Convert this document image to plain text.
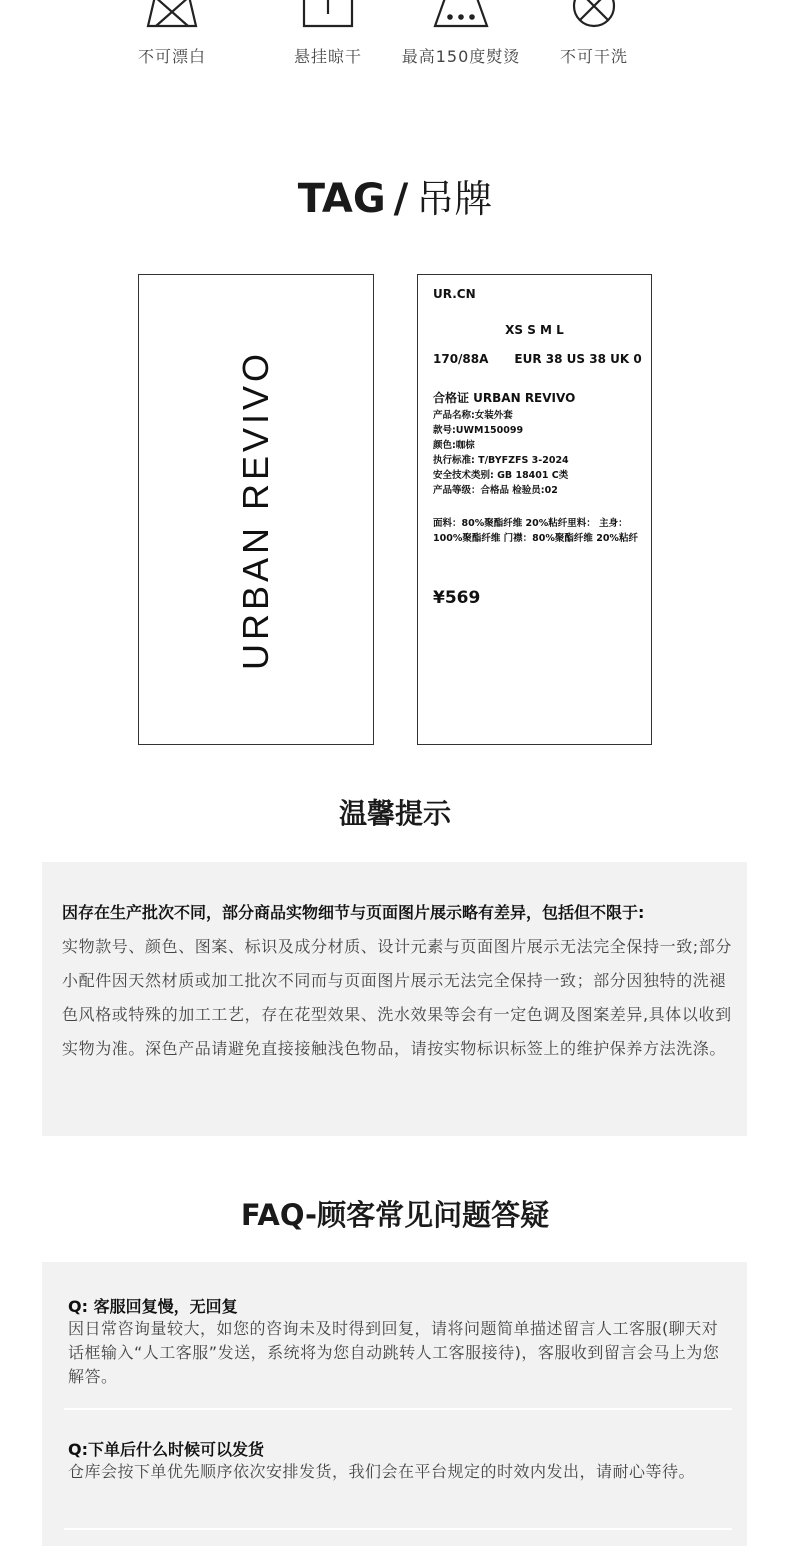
不可漂白	悬挂晾干	最高150度熨烫	不可干洗
TAG / 吊牌
URBAN REVIVO
UR.CN
XS S M L
170/88A EUR 38 US 38 UK 0
合格证 URBAN REVIVO
产品名称:女装外套
款号:UWM150099
颜色:咖棕
执行标准: T/BYFZFS 3-2024
安全技术类别: GB 18401 C类
产品等级：合格品 检验员:02
面料：80%聚酯纤维 20%粘纤里料： 主身：100%聚酯纤维 门襟：80%聚酯纤维 20%粘纤
¥569
温馨提示
因存在生产批次不同，部分商品实物细节与页面图片展示略有差异，包括但不限于:
实物款号、颜色、图案、标识及成分材质、设计元素与页面图片展示无法完全保持一致;部分小配件因天然材质或加工批次不同而与页面图片展示无法完全保持一致；部分因独特的洗褪色风格或特殊的加工工艺，存在花型效果、洗水效果等会有一定色调及图案差异,具体以收到实物为准。深色产品请避免直接接触浅色物品，请按实物标识标签上的维护保养方法洗涤。
FAQ-顾客常见问题答疑
Q: 客服回复慢，无回复
因日常咨询量较大，如您的咨询未及时得到回复，请将问题简单描述留言人工客服(聊天对话框输入“人工客服”发送，系统将为您自动跳转人工客服接待)，客服收到留言会马上为您解答。
Q:下单后什么时候可以发货
仓库会按下单优先顺序依次安排发货，我们会在平台规定的时效内发出，请耐心等待。
